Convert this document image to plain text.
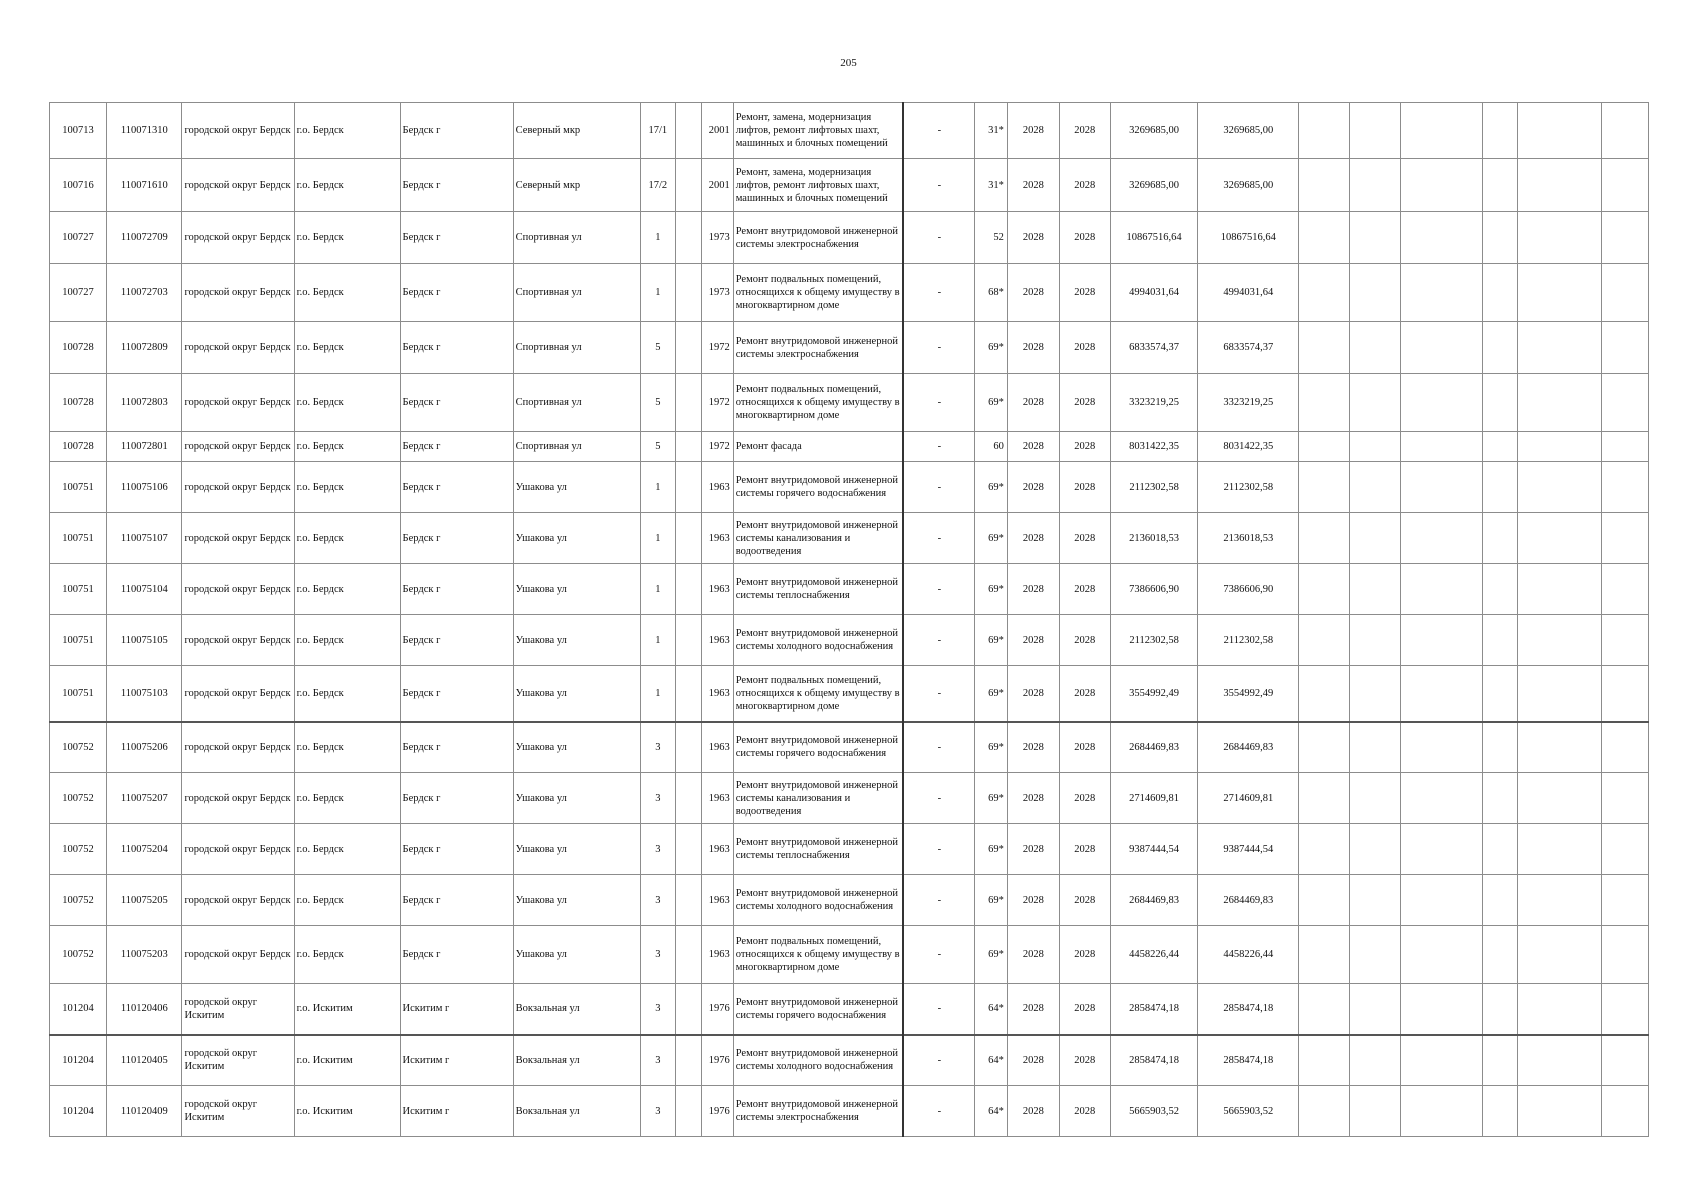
205
100713	110071310	городской округ Бердск	г.о. Бердск	Бердск г	Северный мкр	17/1		2001	Ремонт, замена, модернизация лифтов, ремонт лифтовых шахт, машинных и блочных помещений	-	31*	2028	2028	3269685,00	3269685,00						
100716	110071610	городской округ Бердск	г.о. Бердск	Бердск г	Северный мкр	17/2		2001	Ремонт, замена, модернизация лифтов, ремонт лифтовых шахт, машинных и блочных помещений	-	31*	2028	2028	3269685,00	3269685,00						
100727	110072709	городской округ Бердск	г.о. Бердск	Бердск г	Спортивная ул	1		1973	Ремонт внутридомовой инженерной системы электроснабжения	-	52	2028	2028	10867516,64	10867516,64						
100727	110072703	городской округ Бердск	г.о. Бердск	Бердск г	Спортивная ул	1		1973	Ремонт подвальных помещений, относящихся к общему имуществу в многоквартирном доме	-	68*	2028	2028	4994031,64	4994031,64						
100728	110072809	городской округ Бердск	г.о. Бердск	Бердск г	Спортивная ул	5		1972	Ремонт внутридомовой инженерной системы электроснабжения	-	69*	2028	2028	6833574,37	6833574,37						
100728	110072803	городской округ Бердск	г.о. Бердск	Бердск г	Спортивная ул	5		1972	Ремонт подвальных помещений, относящихся к общему имуществу в многоквартирном доме	-	69*	2028	2028	3323219,25	3323219,25						
100728	110072801	городской округ Бердск	г.о. Бердск	Бердск г	Спортивная ул	5		1972	Ремонт фасада	-	60	2028	2028	8031422,35	8031422,35						
100751	110075106	городской округ Бердск	г.о. Бердск	Бердск г	Ушакова ул	1		1963	Ремонт внутридомовой инженерной системы горячего водоснабжения	-	69*	2028	2028	2112302,58	2112302,58						
100751	110075107	городской округ Бердск	г.о. Бердск	Бердск г	Ушакова ул	1		1963	Ремонт внутридомовой инженерной системы канализования и водоотведения	-	69*	2028	2028	2136018,53	2136018,53						
100751	110075104	городской округ Бердск	г.о. Бердск	Бердск г	Ушакова ул	1		1963	Ремонт внутридомовой инженерной системы теплоснабжения	-	69*	2028	2028	7386606,90	7386606,90						
100751	110075105	городской округ Бердск	г.о. Бердск	Бердск г	Ушакова ул	1		1963	Ремонт внутридомовой инженерной системы холодного водоснабжения	-	69*	2028	2028	2112302,58	2112302,58						
100751	110075103	городской округ Бердск	г.о. Бердск	Бердск г	Ушакова ул	1		1963	Ремонт подвальных помещений, относящихся к общему имуществу в многоквартирном доме	-	69*	2028	2028	3554992,49	3554992,49						
100752	110075206	городской округ Бердск	г.о. Бердск	Бердск г	Ушакова ул	3		1963	Ремонт внутридомовой инженерной системы горячего водоснабжения	-	69*	2028	2028	2684469,83	2684469,83						
100752	110075207	городской округ Бердск	г.о. Бердск	Бердск г	Ушакова ул	3		1963	Ремонт внутридомовой инженерной системы канализования и водоотведения	-	69*	2028	2028	2714609,81	2714609,81						
100752	110075204	городской округ Бердск	г.о. Бердск	Бердск г	Ушакова ул	3		1963	Ремонт внутридомовой инженерной системы теплоснабжения	-	69*	2028	2028	9387444,54	9387444,54						
100752	110075205	городской округ Бердск	г.о. Бердск	Бердск г	Ушакова ул	3		1963	Ремонт внутридомовой инженерной системы холодного водоснабжения	-	69*	2028	2028	2684469,83	2684469,83						
100752	110075203	городской округ Бердск	г.о. Бердск	Бердск г	Ушакова ул	3		1963	Ремонт подвальных помещений, относящихся к общему имуществу в многоквартирном доме	-	69*	2028	2028	4458226,44	4458226,44						
101204	110120406	городской округ Искитим	г.о. Искитим	Искитим г	Вокзальная ул	3		1976	Ремонт внутридомовой инженерной системы горячего водоснабжения	-	64*	2028	2028	2858474,18	2858474,18						
101204	110120405	городской округ Искитим	г.о. Искитим	Искитим г	Вокзальная ул	3		1976	Ремонт внутридомовой инженерной системы холодного водоснабжения	-	64*	2028	2028	2858474,18	2858474,18						
101204	110120409	городской округ Искитим	г.о. Искитим	Искитим г	Вокзальная ул	3		1976	Ремонт внутридомовой инженерной системы электроснабжения	-	64*	2028	2028	5665903,52	5665903,52						
